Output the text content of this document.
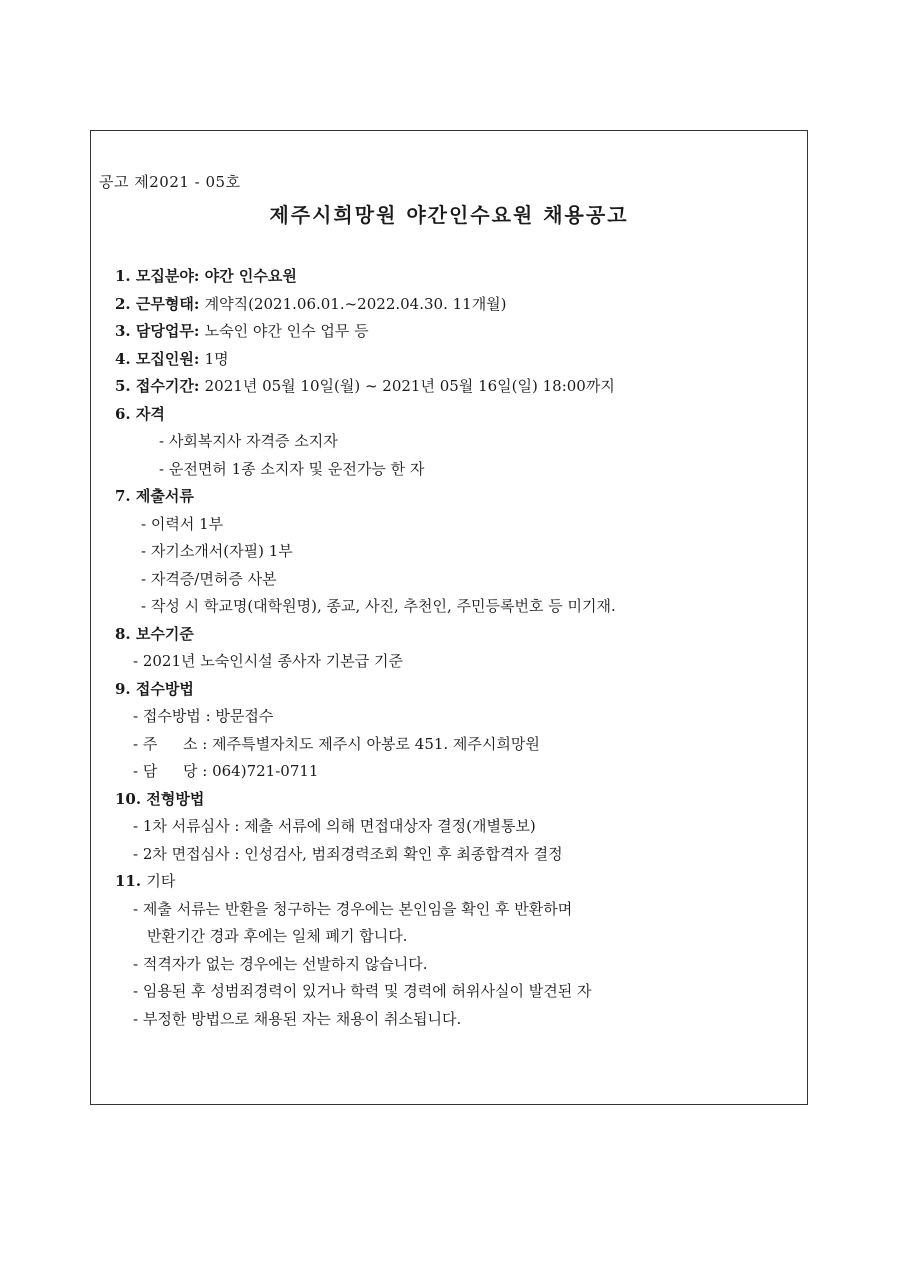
공고 제2021 - 05호
제주시희망원 야간인수요원 채용공고
1. 모집분야: 야간 인수요원
2. 근무형태: 계약직(2021.06.01.~2022.04.30. 11개월)
3. 담당업무: 노숙인 야간 인수 업무 등
4. 모집인원: 1명
5. 접수기간: 2021년 05월 10일(월) ~ 2021년 05월 16일(일) 18:00까지
6. 자격
- 사회복지사 자격증 소지자
- 운전면허 1종 소지자 및 운전가능 한 자
7. 제출서류
- 이력서 1부
- 자기소개서(자필) 1부
- 자격증/면허증 사본
- 작성 시 학교명(대학원명), 종교, 사진, 추천인, 주민등록번호 등 미기재.
8. 보수기준
- 2021년 노숙인시설 종사자 기본급 기준
9. 접수방법
- 접수방법 : 방문접수
- 주 소 : 제주특별자치도 제주시 아봉로 451. 제주시희망원
- 담 당 : 064)721-0711
10. 전형방법
- 1차 서류심사 : 제출 서류에 의해 면접대상자 결정(개별통보)
- 2차 면접심사 : 인성검사, 범죄경력조회 확인 후 최종합격자 결정
11. 기타
- 제출 서류는 반환을 청구하는 경우에는 본인임을 확인 후 반환하며
반환기간 경과 후에는 일체 폐기 합니다.
- 적격자가 없는 경우에는 선발하지 않습니다.
- 임용된 후 성범죄경력이 있거나 학력 및 경력에 허위사실이 발견된 자
- 부정한 방법으로 채용된 자는 채용이 취소됩니다.
